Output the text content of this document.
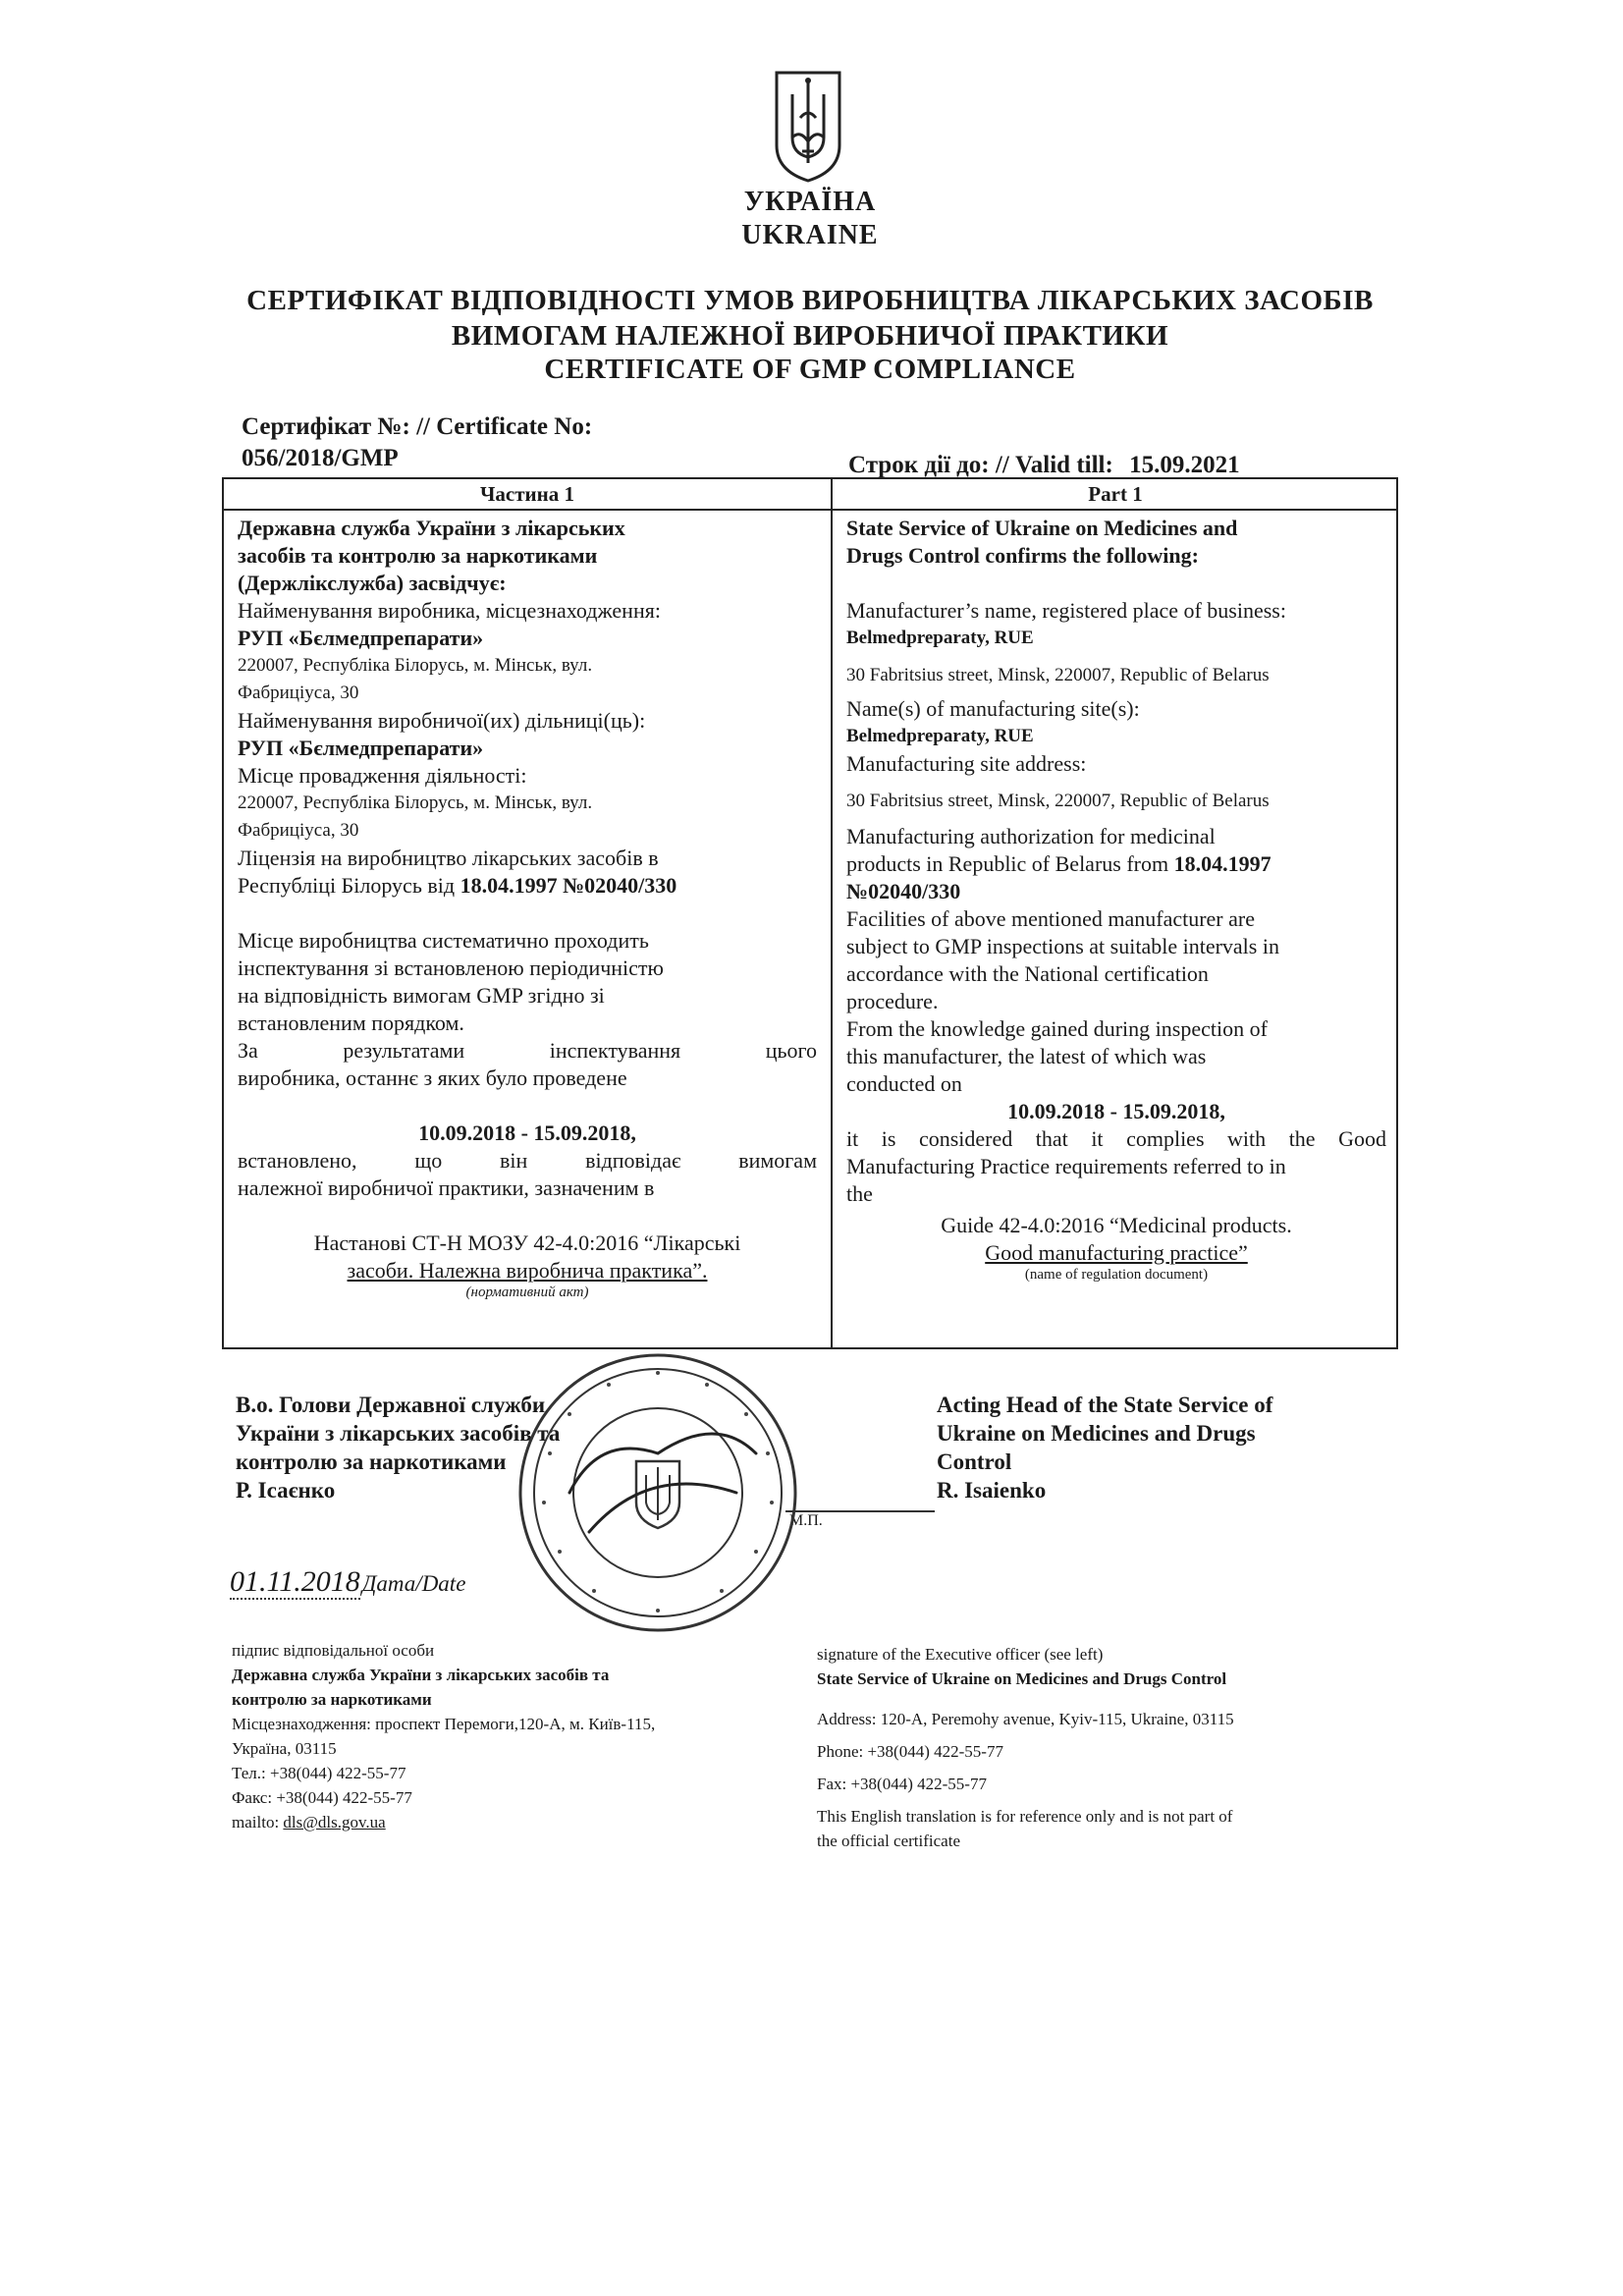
УКРАЇНА
UKRAINE
СЕРТИФІКАТ ВІДПОВІДНОСТІ УМОВ ВИРОБНИЦТВА ЛІКАРСЬКИХ ЗАСОБІВ
ВИМОГАМ НАЛЕЖНОЇ ВИРОБНИЧОЇ ПРАКТИКИ
CERTIFICATE OF GMP COMPLIANCE
Сертифікат №: // Certificate No:
056/2018/GMP	Строк дії до: // Valid till: 15.09.2021
Частина 1	Part 1

Державна служба України з лікарських

засобів та контролю за наркотиками

(Держлікслужба) засвідчує:

Найменування виробника, місцезнаходження:

РУП «Бєлмедпрепарати»

220007, Республіка Білорусь, м. Мінськ, вул.

Фабриціуса, 30

Найменування виробничої(их) дільниці(ць):

РУП «Бєлмедпрепарати»

Місце провадження діяльності:

220007, Республіка Білорусь, м. Мінськ, вул.

Фабриціуса, 30

Ліцензія на виробництво лікарських засобів в

Республіці Білорусь від 18.04.1997 №02040/330

Місце виробництва систематично проходить

інспектування зі встановленою періодичністю

на відповідність вимогам GMP згідно зі

встановленим порядком.

За результатами інспектування цього

виробника, останнє з яких було проведене

10.09.2018 - 15.09.2018,

встановлено, що він відповідає вимогам

належної виробничої практики, зазначеним в

Настанові СТ-Н МОЗУ 42-4.0:2016 “Лікарські

засоби. Належна виробнича практика”.

(нормативний акт)

State Service of Ukraine on Medicines and

Drugs Control confirms the following:

Manufacturer’s name, registered place of business:

Belmedpreparaty, RUE

30 Fabritsius street, Minsk, 220007, Republic of Belarus

Name(s) of manufacturing site(s):

Belmedpreparaty, RUE

Manufacturing site address:

30 Fabritsius street, Minsk, 220007, Republic of Belarus

Manufacturing authorization for medicinal

products in Republic of Belarus from 18.04.1997

№02040/330

Facilities of above mentioned manufacturer are

subject to GMP inspections at suitable intervals in

accordance with the National certification

procedure.

From the knowledge gained during inspection of

this manufacturer, the latest of which was

conducted on

10.09.2018 - 15.09.2018,

it is considered that it complies with the Good

Manufacturing Practice requirements referred to in

the

Guide 42-4.0:2016 “Medicinal products.

Good manufacturing practice”

(name of regulation document)

В.о. Голови Державної служби
України з лікарських засобів та
контролю за наркотиками
Р. Ісаєнко
Acting Head of the State Service of
Ukraine on Medicines and Drugs
Control
R. Isaienko
М.П.
01.11.2018Дата/Date

підпис відповідальної особи

Державна служба України з лікарських засобів та

контролю за наркотиками

Місцезнаходження: проспект Перемоги,120-А, м. Київ-115,

Україна, 03115

Тел.: +38(044) 422-55-77

Факс: +38(044) 422-55-77

mailto: dls@dls.gov.ua

signature of the Executive officer (see left)

State Service of Ukraine on Medicines and Drugs Control

Address: 120-A, Peremohy avenue, Kyiv-115, Ukraine, 03115

Phone: +38(044) 422-55-77

Fax: +38(044) 422-55-77

This English translation is for reference only and is not part of

the official certificate
